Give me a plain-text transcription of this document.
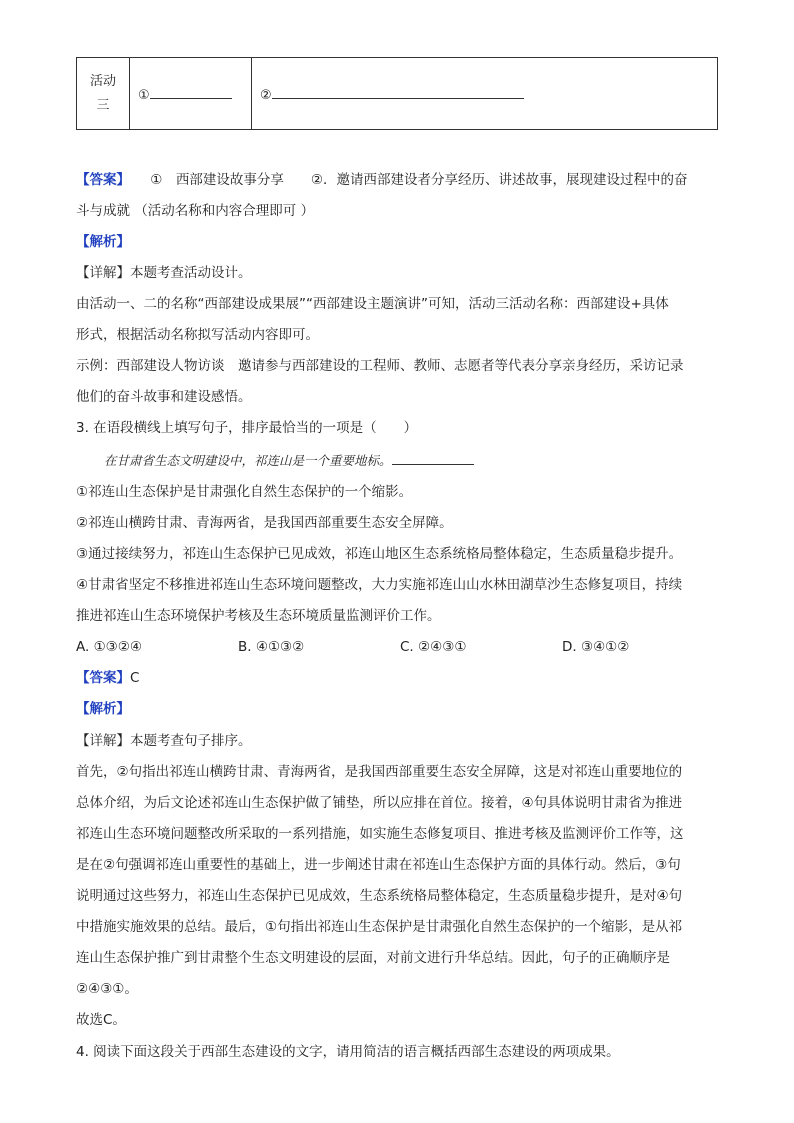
活动
三
	①	②
【答案】　　①　西部建设故事分享　　②．邀请西部建设者分享经历、讲述故事，展现建设过程中的奋
斗与成就 （活动名称和内容合理即可 ）
【解析】
【详解】本题考查活动设计。
由活动一、二的名称“西部建设成果展”“西部建设主题演讲”可知，活动三活动名称：西部建设+具体
形式，根据活动名称拟写活动内容即可。
示例：西部建设人物访谈　邀请参与西部建设的工程师、教师、志愿者等代表分享亲身经历，采访记录
他们的奋斗故事和建设感悟。
3. 在语段横线上填写句子，排序最恰当的一项是（　　）
在甘肃省生态文明建设中，祁连山是一个重要地标。
①祁连山生态保护是甘肃强化自然生态保护的一个缩影。
②祁连山横跨甘肃、青海两省，是我国西部重要生态安全屏障。
③通过接续努力，祁连山生态保护已见成效，祁连山地区生态系统格局整体稳定，生态质量稳步提升。
④甘肃省坚定不移推进祁连山生态环境问题整改，大力实施祁连山山水林田湖草沙生态修复项目，持续
推进祁连山生态环境保护考核及生态环境质量监测评价工作。
A. ①③②④	B. ④①③②	C. ②④③①	D. ③④①②
【答案】C
【解析】
【详解】本题考查句子排序。
首先，②句指出祁连山横跨甘肃、青海两省，是我国西部重要生态安全屏障，这是对祁连山重要地位的
总体介绍，为后文论述祁连山生态保护做了铺垫，所以应排在首位。接着，④句具体说明甘肃省为推进
祁连山生态环境问题整改所采取的一系列措施，如实施生态修复项目、推进考核及监测评价工作等，这
是在②句强调祁连山重要性的基础上，进一步阐述甘肃在祁连山生态保护方面的具体行动。然后，③句
说明通过这些努力，祁连山生态保护已见成效，生态系统格局整体稳定，生态质量稳步提升，是对④句
中措施实施效果的总结。最后，①句指出祁连山生态保护是甘肃强化自然生态保护的一个缩影，是从祁
连山生态保护推广到甘肃整个生态文明建设的层面，对前文进行升华总结。因此，句子的正确顺序是
②④③①。
故选C。
4. 阅读下面这段关于西部生态建设的文字，请用简洁的语言概括西部生态建设的两项成果。
